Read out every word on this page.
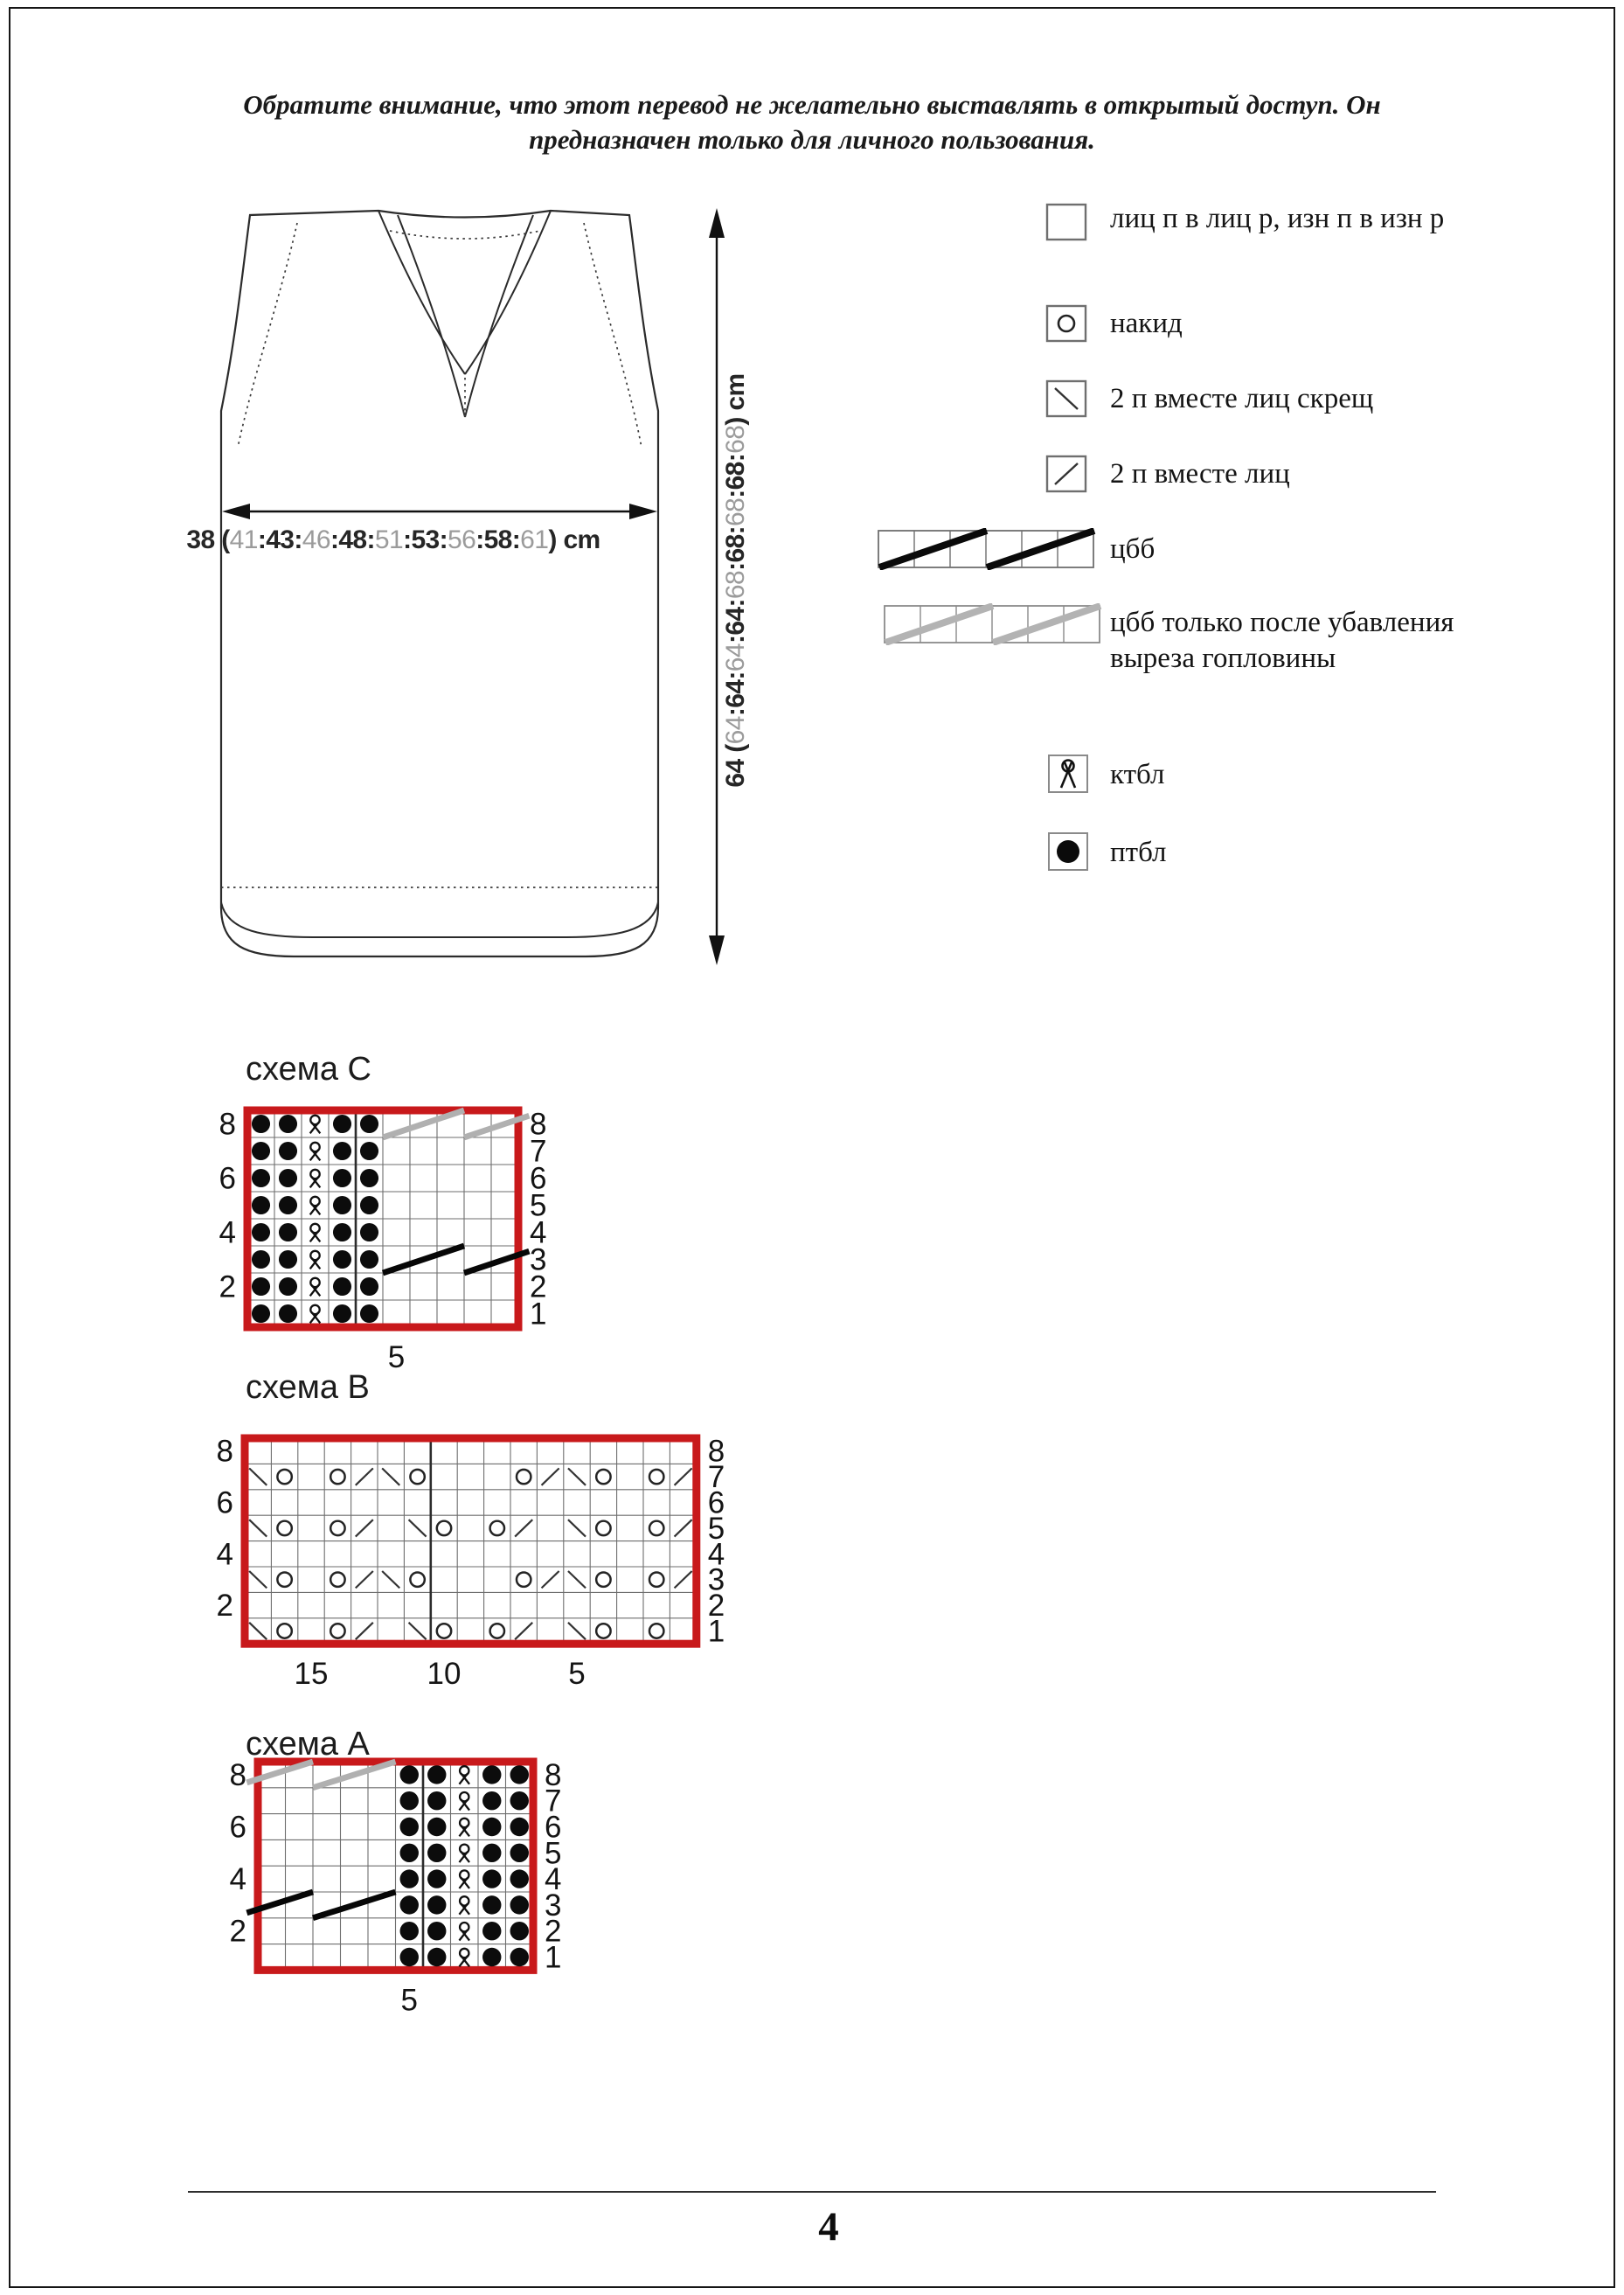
Обратите внимание, что этот перевод не желательно выставлять в открытый доступ. Он предназначен только для личного пользования.
38 (41:43:46:48:51:53:56:58:61) cm
64 (64:64:64:64:68:68:68:68:68) cm
лиц п в лиц р, изн п в изн р
накид
2 п вместе лиц скрещ
2 п вместе лиц
цбб
цбб только после убавления выреза гопловины
ктбл
птбл
схема C
8
6
4
2
8
7
6
5
4
3
2
1
5
схема B
8
6
4
2
8
7
6
5
4
3
2
1
15	10	5
схема A
8
6
4
2
8
7
6
5
4
3
2
1
5
4
